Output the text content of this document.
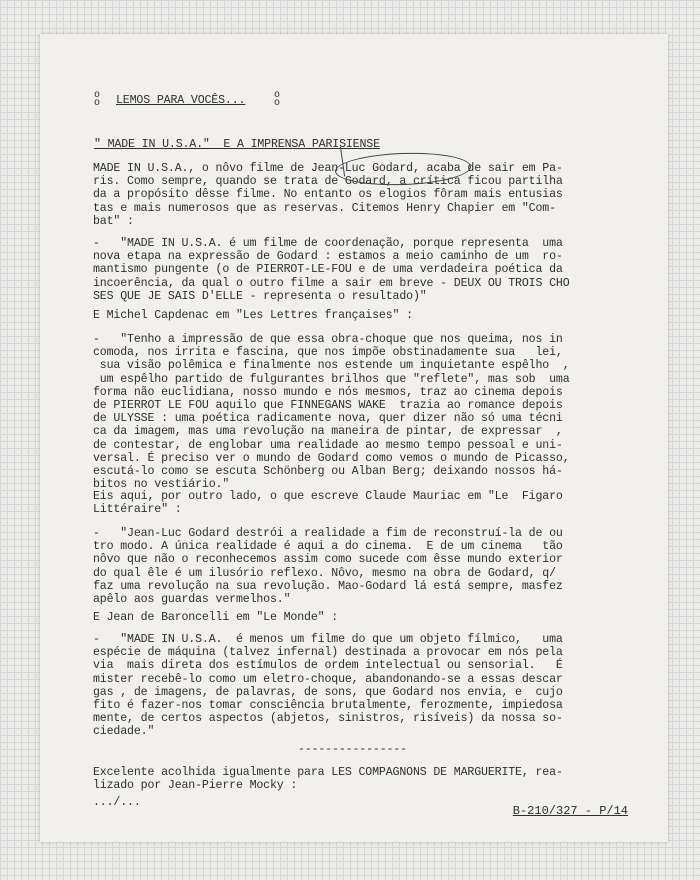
o
o LEMOS PARA VOCÊS...	o
o
" MADE IN U.S.A."  E A IMPRENSA PARISIENSE
MADE IN U.S.A., o nôvo filme de Jean-Luc Godard, acaba de sair em Pa-
ris. Como sempre, quando se trata de Godard, a crítica ficou partilha
da a propósito dêsse filme. No entanto os elogios fôram mais entusias
tas e mais numerosos que as reservas. Citemos Henry Chapier em "Com-
bat" :
-   "MADE IN U.S.A. é um filme de coordenação, porque representa  uma
nova etapa na expressão de Godard : estamos a meio caminho de um  ro-
mantismo pungente (o de PIERROT-LE-FOU e de uma verdadeira poética da
incoerência, da qual o outro filme a sair em breve - DEUX OU TROIS CHO
SES QUE JE SAIS D'ELLE - representa o resultado)"
E Michel Capdenac em "Les Lettres françaises" :
-   "Tenho a impressão de que essa obra-choque que nos queima, nos in
comoda, nos irrita e fascina, que nos impõe obstinadamente sua   lei,
sua visão polêmica e finalmente nos estende um inquietante espêlho  ,
um espêlho partido de fulgurantes brilhos que "reflete", mas sob  uma
forma não euclidiana, nosso mundo e nós mesmos, traz ao cinema depois
de PIERROT LE FOU aquilo que FINNEGANS WAKE  trazia ao romance depois
de ULYSSE : uma poética radicamente nova, quer dizer não só uma técni
ca da imagem, mas uma revolução na maneira de pintar, de expressar  ,
de contestar, de englobar uma realidade ao mesmo tempo pessoal e uni-
versal. É preciso ver o mundo de Godard como vemos o mundo de Picasso,
escutá-lo como se escuta Schönberg ou Alban Berg; deixando nossos há-
bitos no vestiário."
Eis aqui, por outro lado, o que escreve Claude Mauriac em "Le  Figaro
Littéraire" :
-   "Jean-Luc Godard destrói a realidade a fim de reconstruí-la de ou
tro modo. A única realidade é aqui a do cinema.  E de um cinema   tão
nôvo que não o reconhecemos assim como sucede com êsse mundo exterior
do qual êle é um ilusório reflexo. Nôvo, mesmo na obra de Godard, q/
faz uma revolução na sua revolução. Mao-Godard lá está sempre, masfez
apêlo aos guardas vermelhos."
E Jean de Baroncelli em "Le Monde" :
-   "MADE IN U.S.A.  é menos um filme do que um objeto fílmico,   uma
espécie de máquina (talvez infernal) destinada a provocar em nós pela
via  mais direta dos estímulos de ordem intelectual ou sensorial.   É
mister recebê-lo como um eletro-choque, abandonando-se a essas descar
gas , de imagens, de palavras, de sons, que Godard nos envia, e  cujo
fito é fazer-nos tomar consciência brutalmente, ferozmente, impiedosa
mente, de certos aspectos (abjetos, sinistros, risíveis) da nossa so-
ciedade."
----------------
Excelente acolhida igualmente para LES COMPAGNONS DE MARGUERITE, rea-
lizado por Jean-Pierre Mocky :
.../...
B-210/327 - P/14
